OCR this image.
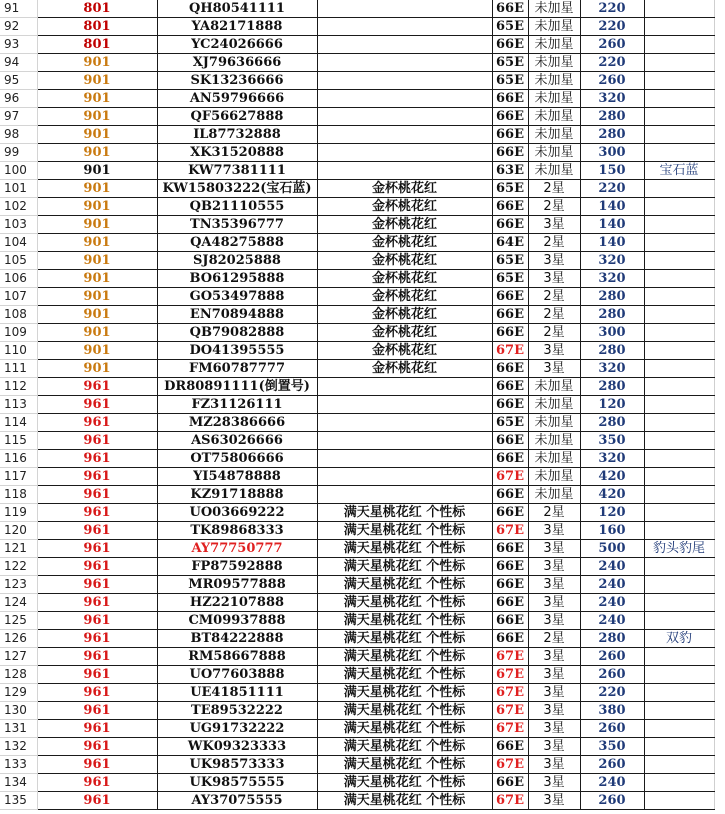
91	801	QH80541111		66E	未加星	220	
92	801	YA82171888		65E	未加星	220	
93	801	YC24026666		66E	未加星	260	
94	901	XJ79636666		65E	未加星	220	
95	901	SK13236666		65E	未加星	260	
96	901	AN59796666		66E	未加星	320	
97	901	QF56627888		66E	未加星	280	
98	901	IL87732888		66E	未加星	280	
99	901	XK31520888		66E	未加星	300	
100	901	KW77381111		63E	未加星	150	宝石蓝
101	901	KW15803222(宝石蓝)	金杯桃花红	65E	2星	220	
102	901	QB21110555	金杯桃花红	66E	2星	140	
103	901	TN35396777	金杯桃花红	66E	3星	140	
104	901	QA48275888	金杯桃花红	64E	2星	140	
105	901	SJ82025888	金杯桃花红	65E	3星	320	
106	901	BO61295888	金杯桃花红	65E	3星	320	
107	901	GO53497888	金杯桃花红	66E	2星	280	
108	901	EN70894888	金杯桃花红	66E	2星	280	
109	901	QB79082888	金杯桃花红	66E	2星	300	
110	901	DO41395555	金杯桃花红	67E	3星	280	
111	901	FM60787777	金杯桃花红	66E	3星	320	
112	961	DR80891111(倒置号)		66E	未加星	280	
113	961	FZ31126111		66E	未加星	120	
114	961	MZ28386666		65E	未加星	280	
115	961	AS63026666		66E	未加星	350	
116	961	OT75806666		66E	未加星	320	
117	961	YI54878888		67E	未加星	420	
118	961	KZ91718888		66E	未加星	420	
119	961	UO03669222	满天星桃花红 个性标	66E	2星	120	
120	961	TK89868333	满天星桃花红 个性标	67E	3星	160	
121	961	AY77750777	满天星桃花红 个性标	66E	3星	500	豹头豹尾
122	961	FP87592888	满天星桃花红 个性标	66E	3星	240	
123	961	MR09577888	满天星桃花红 个性标	66E	3星	240	
124	961	HZ22107888	满天星桃花红 个性标	66E	3星	240	
125	961	CM09937888	满天星桃花红 个性标	66E	3星	240	
126	961	BT84222888	满天星桃花红 个性标	66E	2星	280	双豹
127	961	RM58667888	满天星桃花红 个性标	67E	3星	260	
128	961	UO77603888	满天星桃花红 个性标	67E	3星	260	
129	961	UE41851111	满天星桃花红 个性标	67E	3星	220	
130	961	TE89532222	满天星桃花红 个性标	67E	3星	380	
131	961	UG91732222	满天星桃花红 个性标	67E	3星	260	
132	961	WK09323333	满天星桃花红 个性标	66E	3星	350	
133	961	UK98573333	满天星桃花红 个性标	67E	3星	260	
134	961	UK98575555	满天星桃花红 个性标	66E	3星	240	
135	961	AY37075555	满天星桃花红 个性标	67E	3星	260	
